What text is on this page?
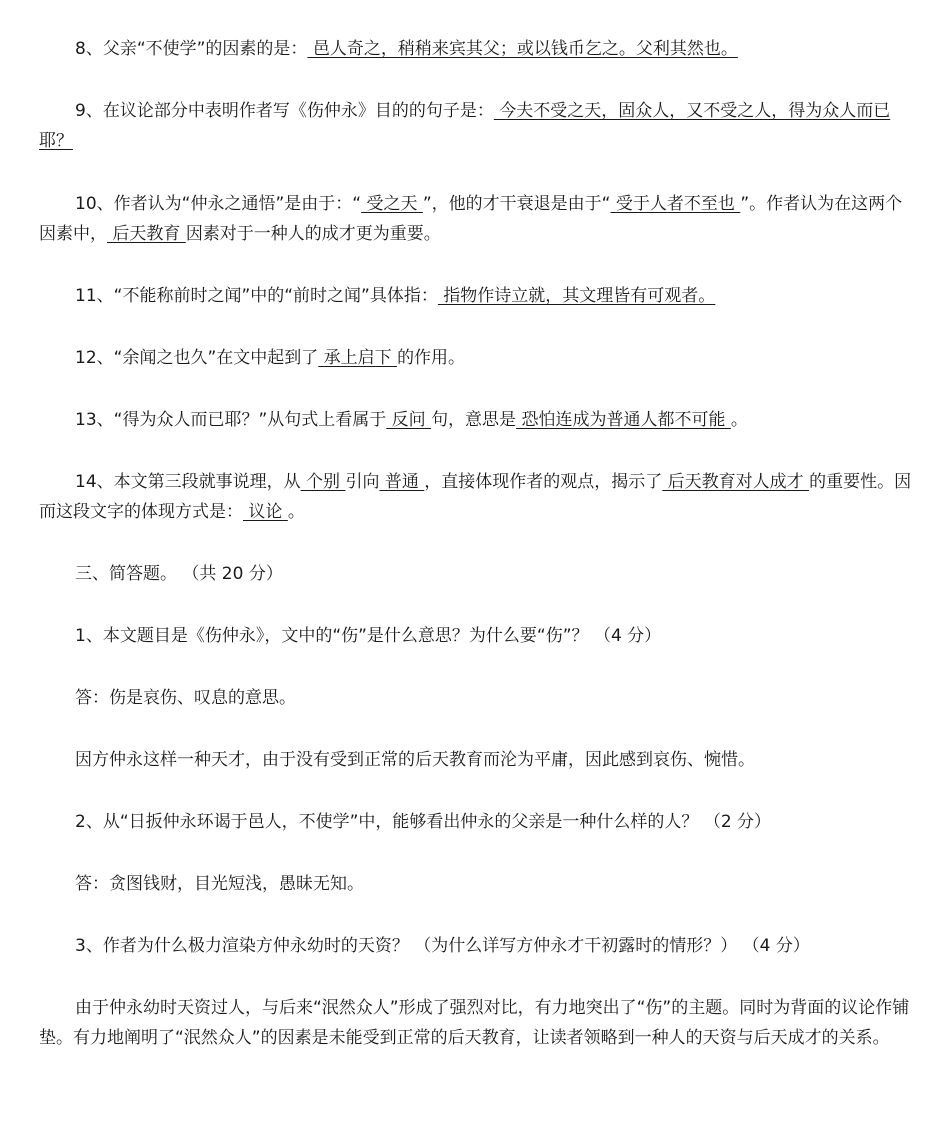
8、父亲“不使学”的因素的是： 邑人奇之，稍稍来宾其父；或以钱币乞之。父利其然也。

9、在议论部分中表明作者写《伤仲永》目的的句子是： 今夫不受之天，固众人，又不受之人，得为众人而已耶？

10、作者认为“仲永之通悟”是由于：“ 受之天 ”，他的才干衰退是由于“ 受于人者不至也 ”。作者认为在这两个因素中， 后天教育 因素对于一种人的成才更为重要。

11、“不能称前时之闻”中的“前时之闻”具体指： 指物作诗立就，其文理皆有可观者。

12、“余闻之也久”在文中起到了 承上启下 的作用。

13、“得为众人而已耶？”从句式上看属于 反问 句，意思是 恐怕连成为普通人都不可能 。

14、本文第三段就事说理，从 个别 引向 普通 ，直接体现作者的观点，揭示了 后天教育对人成才 的重要性。因而这段文字的体现方式是： 议论 。

三、简答题。 （共 20 分）

1、本文题目是《伤仲永》，文中的“伤”是什么意思？为什么要“伤”？ （4 分）

答：伤是哀伤、叹息的意思。

因方仲永这样一种天才，由于没有受到正常的后天教育而沦为平庸，因此感到哀伤、惋惜。

2、从“日扳仲永环谒于邑人，不使学”中，能够看出仲永的父亲是一种什么样的人？ （2 分）

答：贪图钱财，目光短浅，愚昧无知。

3、作者为什么极力渲染方仲永幼时的天资？ （为什么详写方仲永才干初露时的情形？） （4 分）

由于仲永幼时天资过人，与后来“泯然众人”形成了强烈对比，有力地突出了“伤”的主题。同时为背面的议论作铺垫。有力地阐明了“泯然众人”的因素是未能受到正常的后天教育，让读者领略到一种人的天资与后天成才的关系。
